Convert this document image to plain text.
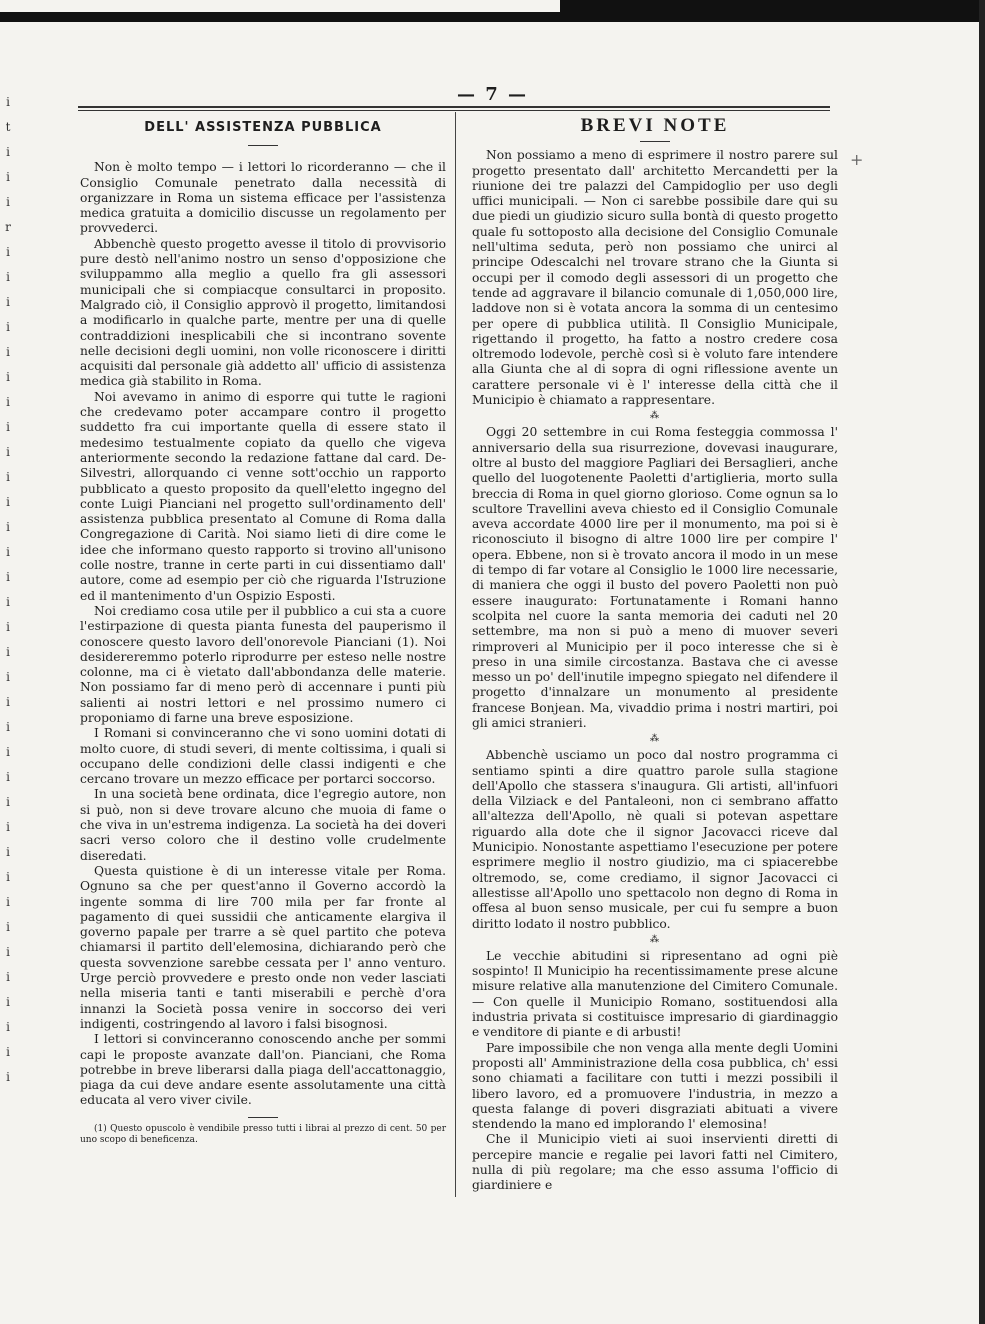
i
t
i
i
i
r
i
i
i
i
i
i
i
i
i
i
i
i
i
i
i
i
i
i
i
i
i
i
i
i
i
i
i
i
i
i
i
i
i
i
— 7 —
+
DELL' ASSISTENZA PUBBLICA

Non è molto tempo — i lettori lo ricorderanno — che il Consiglio Comunale penetrato dalla necessità di organizzare in Roma un sistema efficace per l'assistenza medica gratuita a domicilio discusse un regolamento per provvederci.

Abbenchè questo progetto avesse il titolo di provvisorio pure destò nell'animo nostro un senso d'opposizione che sviluppammo alla meglio a quello fra gli assessori municipali che si compiacque consultarci in proposito. Malgrado ciò, il Consiglio approvò il progetto, limitandosi a modificarlo in qualche parte, mentre per una di quelle contraddizioni inesplicabili che si incontrano sovente nelle decisioni degli uomini, non volle riconoscere i diritti acquisiti dal personale già addetto all' ufficio di assistenza medica già stabilito in Roma.

Noi avevamo in animo di esporre qui tutte le ragioni che credevamo poter accampare contro il progetto suddetto fra cui importante quella di essere stato il medesimo testualmente copiato da quello che vigeva anteriormente secondo la redazione fattane dal card. De-Silvestri, allorquando ci venne sott'occhio un rapporto pubblicato a questo proposito da quell'eletto ingegno del conte Luigi Pianciani nel progetto sull'ordinamento dell' assistenza pubblica presentato al Comune di Roma dalla Congregazione di Carità. Noi siamo lieti di dire come le idee che informano questo rapporto si trovino all'unisono colle nostre, tranne in certe parti in cui dissentiamo dall' autore, come ad esempio per ciò che riguarda l'Istruzione ed il mantenimento d'un Ospizio Esposti.

Noi crediamo cosa utile per il pubblico a cui sta a cuore l'estirpazione di questa pianta funesta del pauperismo il conoscere questo lavoro dell'onorevole Pianciani (1). Noi desidereremmo poterlo riprodurre per esteso nelle nostre colonne, ma ci è vietato dall'abbondanza delle materie. Non possiamo far di meno però di accennare i punti più salienti ai nostri lettori e nel prossimo numero ci proponiamo di farne una breve esposizione.

I Romani si convinceranno che vi sono uomini dotati di molto cuore, di studi severi, di mente coltissima, i quali si occupano delle condizioni delle classi indigenti e che cercano trovare un mezzo efficace per portarci soccorso.

In una società bene ordinata, dice l'egregio autore, non si può, non si deve trovare alcuno che muoia di fame o che viva in un'estrema indigenza. La società ha dei doveri sacri verso coloro che il destino volle crudelmente diseredati.

Questa quistione è di un interesse vitale per Roma. Ognuno sa che per quest'anno il Governo accordò la ingente somma di lire 700 mila per far fronte al pagamento di quei sussidii che anticamente elargiva il governo papale per trarre a sè quel partito che poteva chiamarsi il partito dell'elemosina, dichiarando però che questa sovvenzione sarebbe cessata per l' anno venturo. Urge perciò provvedere e presto onde non veder lasciati nella miseria tanti e tanti miserabili e perchè d'ora innanzi la Società possa venire in soccorso dei veri indigenti, costringendo al lavoro i falsi bisognosi.

I lettori si convinceranno conoscendo anche per sommi capi le proposte avanzate dall'on. Pianciani, che Roma potrebbe in breve liberarsi dalla piaga dell'accattonaggio, piaga da cui deve andare esente assolutamente una città educata al vero viver civile.

(1) Questo opuscolo è vendibile presso tutti i librai al prezzo di cent. 50 per uno scopo di beneficenza.
BREVI NOTE

Non possiamo a meno di esprimere il nostro parere sul progetto presentato dall' architetto Mercandetti per la riunione dei tre palazzi del Campidoglio per uso degli uffici municipali. — Non ci sarebbe possibile dare qui su due piedi un giudizio sicuro sulla bontà di questo progetto quale fu sottoposto alla decisione del Consiglio Comunale nell'ultima seduta, però non possiamo che unirci al principe Odescalchi nel trovare strano che la Giunta si occupi per il comodo degli assessori di un progetto che tende ad aggravare il bilancio comunale di 1,050,000 lire, laddove non si è votata ancora la somma di un centesimo per opere di pubblica utilità. Il Consiglio Municipale, rigettando il progetto, ha fatto a nostro credere cosa oltremodo lodevole, perchè così si è voluto fare intendere alla Giunta che al di sopra di ogni riflessione avente un carattere personale vi è l' interesse della città che il Municipio è chiamato a rappresentare.

⁂

Oggi 20 settembre in cui Roma festeggia commossa l' anniversario della sua risurrezione, dovevasi inaugurare, oltre al busto del maggiore Pagliari dei Bersaglieri, anche quello del luogotenente Paoletti d'artiglieria, morto sulla breccia di Roma in quel giorno glorioso. Come ognun sa lo scultore Travellini aveva chiesto ed il Consiglio Comunale aveva accordate 4000 lire per il monumento, ma poi si è riconosciuto il bisogno di altre 1000 lire per compire l' opera. Ebbene, non si è trovato ancora il modo in un mese di tempo di far votare al Consiglio le 1000 lire necessarie, di maniera che oggi il busto del povero Paoletti non può essere inaugurato: Fortunatamente i Romani hanno scolpita nel cuore la santa memoria dei caduti nel 20 settembre, ma non si può a meno di muover severi rimproveri al Municipio per il poco interesse che si è preso in una simile circostanza. Bastava che ci avesse messo un po' dell'inutile impegno spiegato nel difendere il progetto d'innalzare un monumento al presidente francese Bonjean. Ma, vivaddio prima i nostri martiri, poi gli amici stranieri.

⁂

Abbenchè usciamo un poco dal nostro programma ci sentiamo spinti a dire quattro parole sulla stagione dell'Apollo che stassera s'inaugura. Gli artisti, all'infuori della Vilziack e del Pantaleoni, non ci sembrano affatto all'altezza dell'Apollo, nè quali si potevan aspettare riguardo alla dote che il signor Jacovacci riceve dal Municipio. Nonostante aspettiamo l'esecuzione per potere esprimere meglio il nostro giudizio, ma ci spiacerebbe oltremodo, se, come crediamo, il signor Jacovacci ci allestisse all'Apollo uno spettacolo non degno di Roma in offesa al buon senso musicale, per cui fu sempre a buon diritto lodato il nostro pubblico.

⁂

Le vecchie abitudini si ripresentano ad ogni piè sospinto! Il Municipio ha recentissimamente prese alcune misure relative alla manutenzione del Cimitero Comunale. — Con quelle il Municipio Romano, sostituendosi alla industria privata si costituisce impresario di giardinaggio e venditore di piante e di arbusti!

Pare impossibile che non venga alla mente degli Uomini proposti all' Amministrazione della cosa pubblica, ch' essi sono chiamati a facilitare con tutti i mezzi possibili il libero lavoro, ed a promuovere l'industria, in mezzo a questa falange di poveri disgraziati abituati a vivere stendendo la mano ed implorando l' elemosina!

Che il Municipio vieti ai suoi inservienti diretti di percepire mancie e regalie pei lavori fatti nel Cimitero, nulla di più regolare; ma che esso assuma l'officio di giardiniere e
